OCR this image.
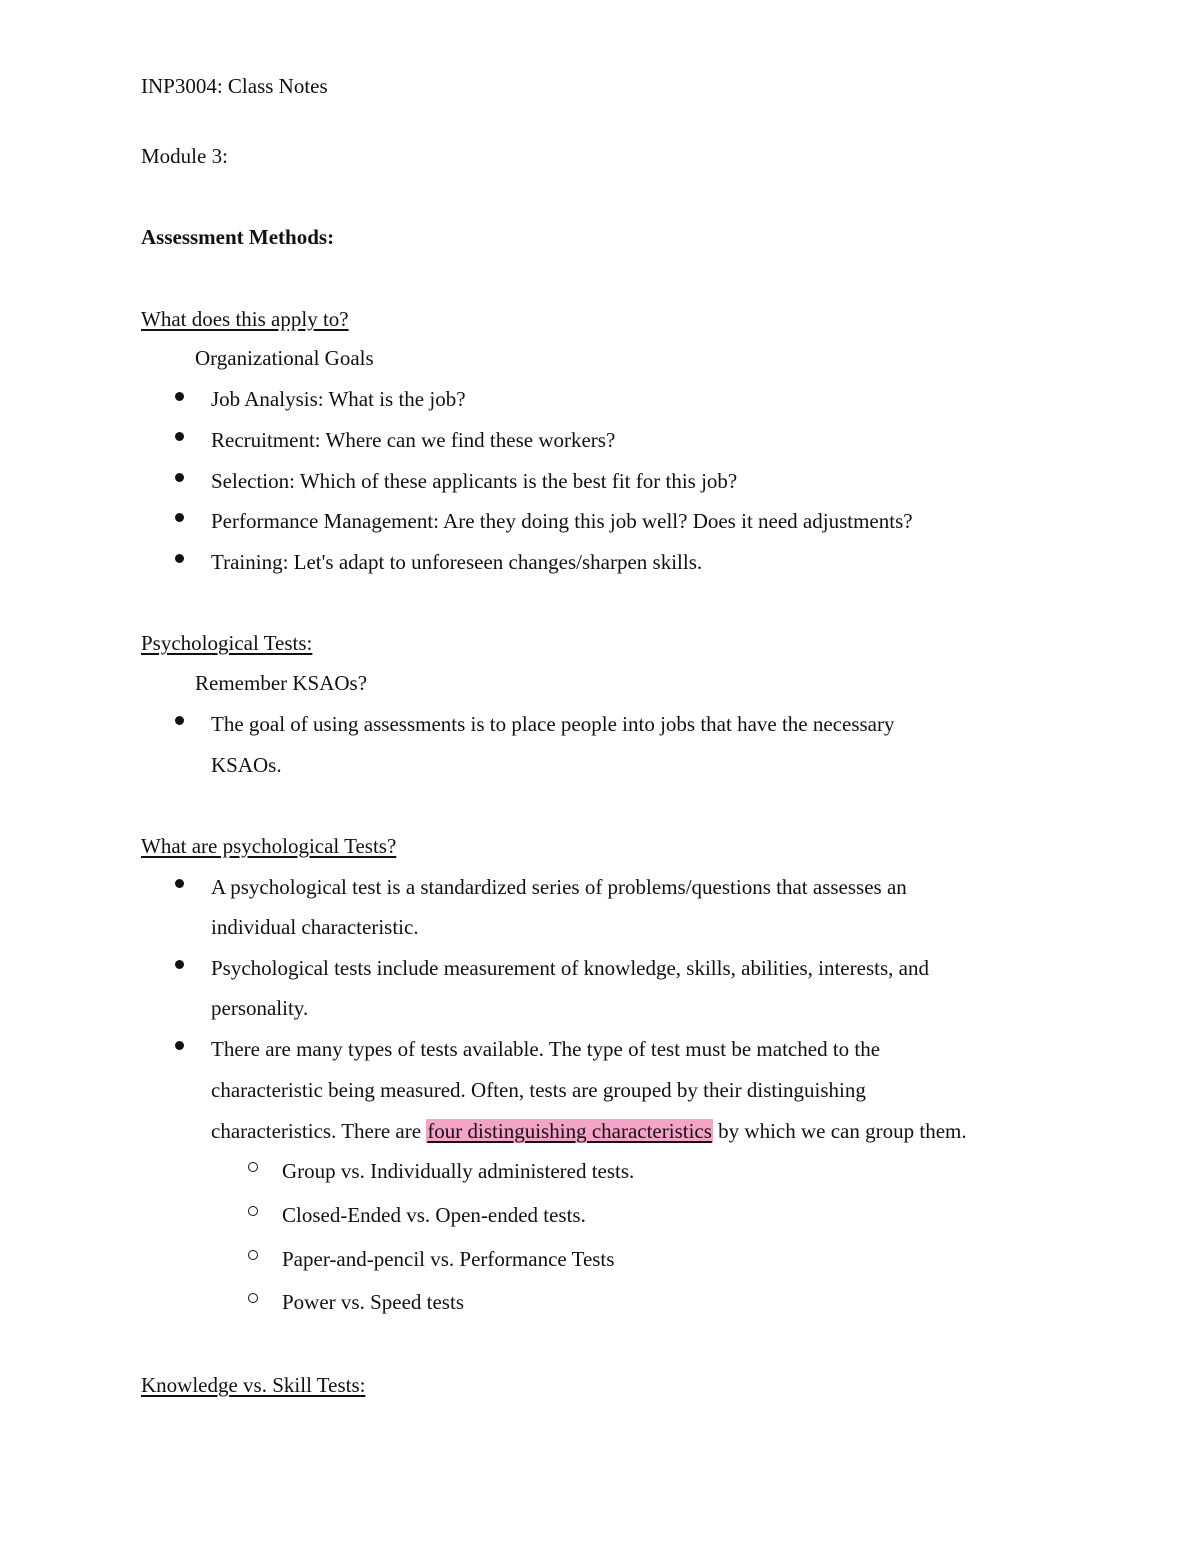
INP3004: Class Notes
Module 3:
Assessment Methods:
What does this apply to?
Organizational Goals
Job Analysis: What is the job?
Recruitment: Where can we find these workers?
Selection: Which of these applicants is the best fit for this job?
Performance Management: Are they doing this job well? Does it need adjustments?
Training: Let's adapt to unforeseen changes/sharpen skills.
Psychological Tests:
Remember KSAOs?
The goal of using assessments is to place people into jobs that have the necessary
KSAOs.
What are psychological Tests?
A psychological test is a standardized series of problems/questions that assesses an
individual characteristic.
Psychological tests include measurement of knowledge, skills, abilities, interests, and
personality.
There are many types of tests available. The type of test must be matched to the
characteristic being measured. Often, tests are grouped by their distinguishing
characteristics. There are four distinguishing characteristics by which we can group them.
Group vs. Individually administered tests.
Closed-Ended vs. Open-ended tests.
Paper-and-pencil vs. Performance Tests
Power vs. Speed tests
Knowledge vs. Skill Tests:
